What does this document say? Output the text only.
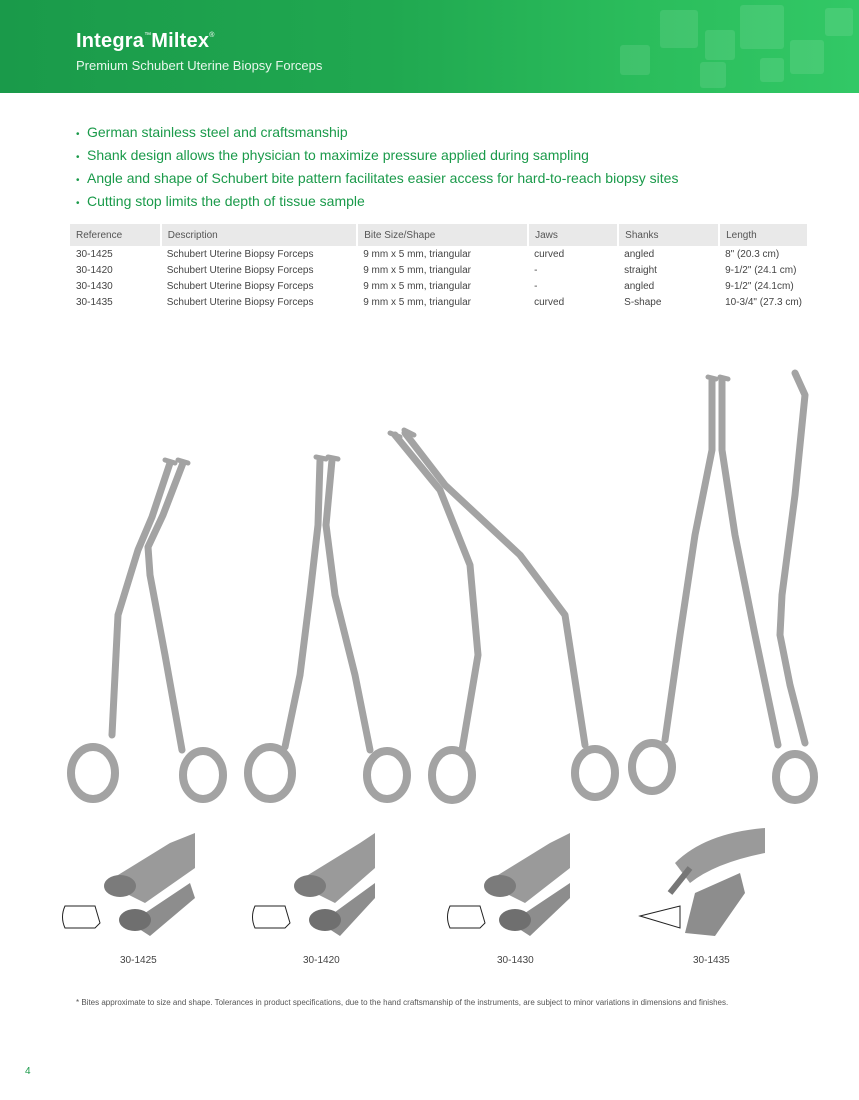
Integra™Miltex®
Premium Schubert Uterine Biopsy Forceps
• German stainless steel and craftsmanship
• Shank design allows the physician to maximize pressure applied during sampling
• Angle and shape of Schubert bite pattern facilitates easier access for hard-to-reach biopsy sites
• Cutting stop limits the depth of tissue sample
Reference	Description	Bite Size/Shape	Jaws	Shanks	Length
30-1425	Schubert Uterine Biopsy Forceps	9 mm x 5 mm, triangular	curved	angled	8" (20.3 cm)
30-1420	Schubert Uterine Biopsy Forceps	9 mm x 5 mm, triangular	-	straight	9-1/2" (24.1 cm)
30-1430	Schubert Uterine Biopsy Forceps	9 mm x 5 mm, triangular	-	angled	9-1/2" (24.1cm)
30-1435	Schubert Uterine Biopsy Forceps	9 mm x 5 mm, triangular	curved	S-shape	10-3/4" (27.3 cm)
30-1425	30-1420	30-1430	30-1435
* Bites approximate to size and shape. Tolerances in product specifications, due to the hand craftsmanship of the instruments, are subject to minor variations in dimensions and finishes.
4
